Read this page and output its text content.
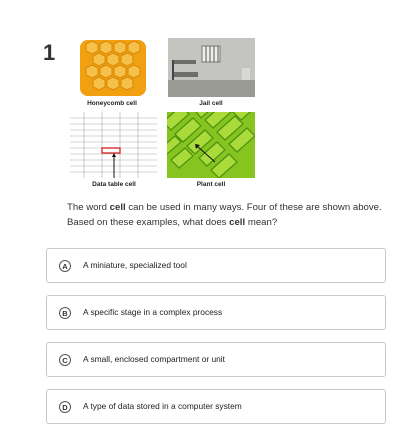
1
Honeycomb cell	Jail cell
Data table cell	Plant cell
The word cell can be used in many ways. Four of these are shown above. Based on these examples, what does cell mean?
A	A miniature, specialized tool
B	A specific stage in a complex process
C	A small, enclosed compartment or unit
D	A type of data stored in a computer system
